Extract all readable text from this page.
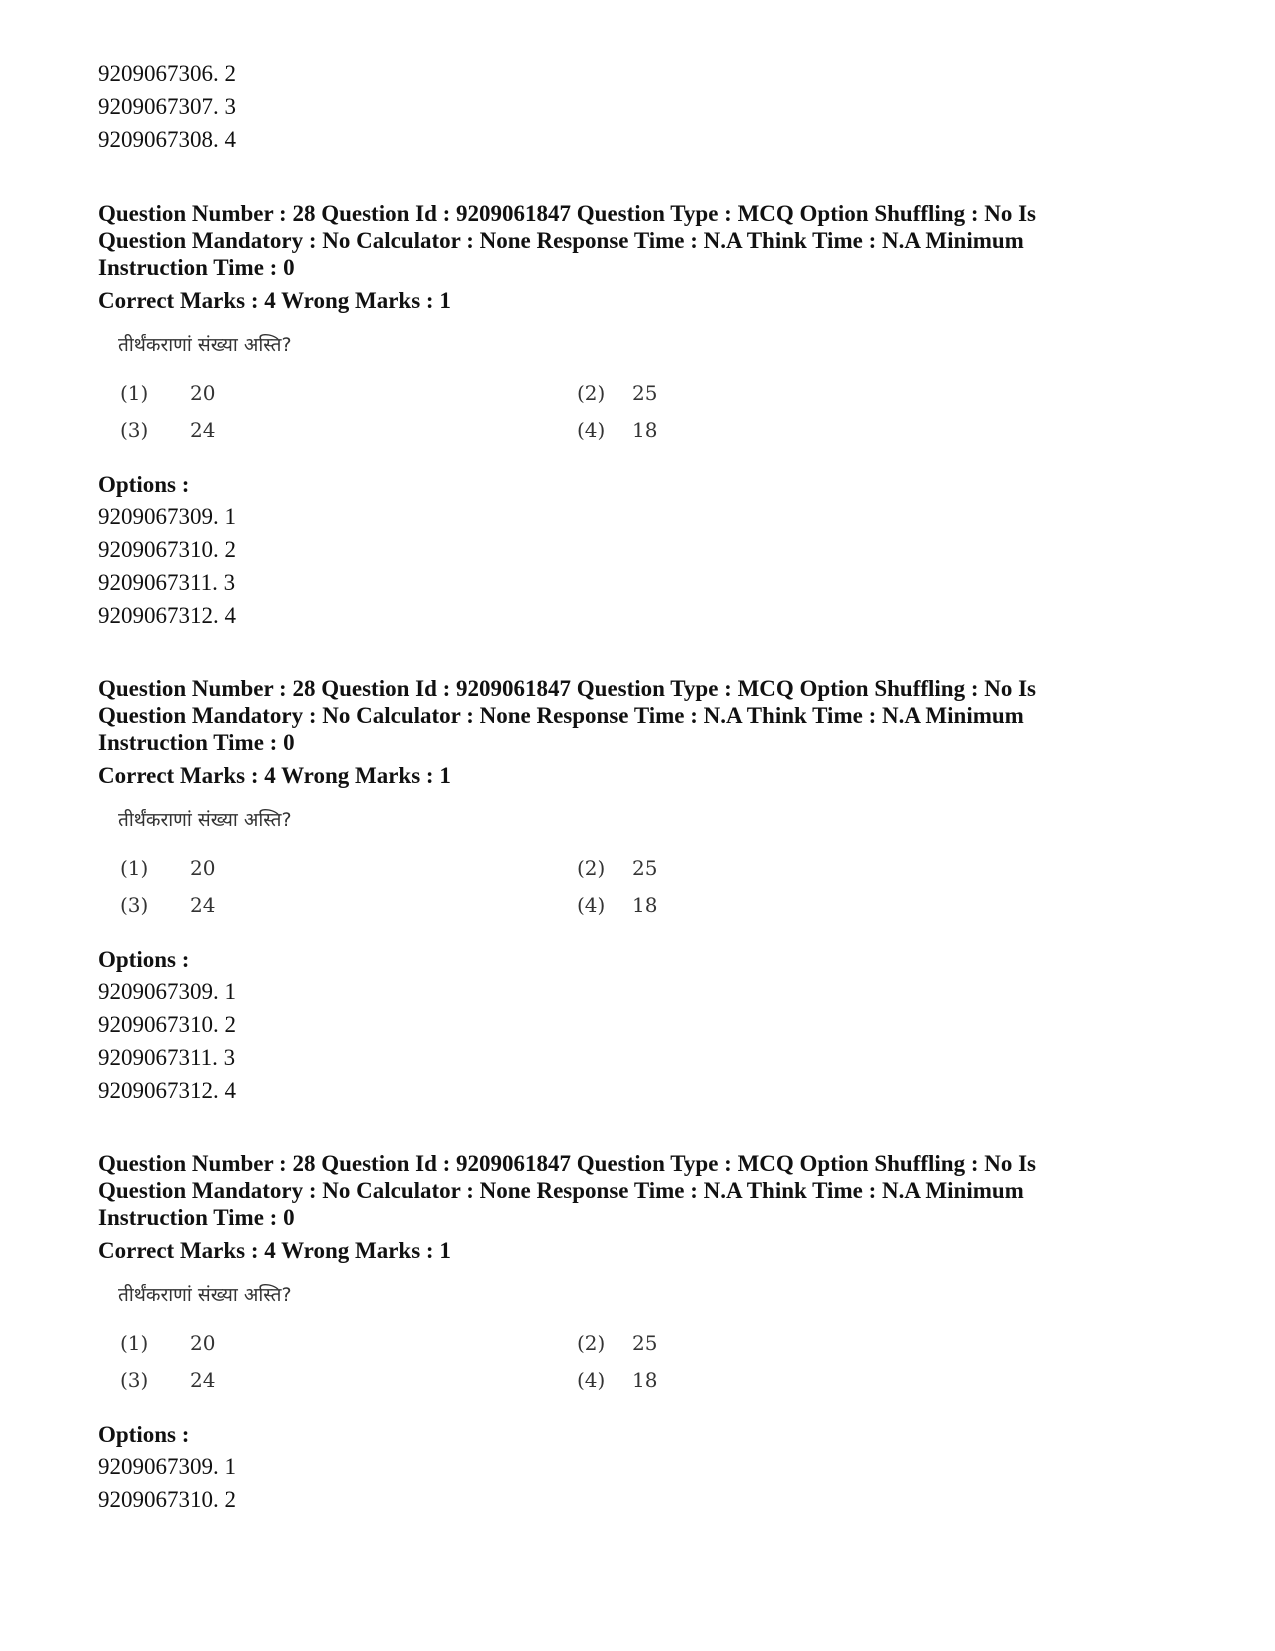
9209067306. 2
9209067307. 3
9209067308. 4
Question Number : 28 Question Id : 9209061847 Question Type : MCQ Option Shuffling : No Is
Question Mandatory : No Calculator : None Response Time : N.A Think Time : N.A Minimum
Instruction Time : 0
Correct Marks : 4 Wrong Marks : 1
तीर्थंकराणां संख्या अस्ति?
(1) 20	(2) 25
(3) 24	(4) 18
Options :
9209067309. 1
9209067310. 2
9209067311. 3
9209067312. 4
Question Number : 28 Question Id : 9209061847 Question Type : MCQ Option Shuffling : No Is
Question Mandatory : No Calculator : None Response Time : N.A Think Time : N.A Minimum
Instruction Time : 0
Correct Marks : 4 Wrong Marks : 1
तीर्थंकराणां संख्या अस्ति?
(1) 20	(2) 25
(3) 24	(4) 18
Options :
9209067309. 1
9209067310. 2
9209067311. 3
9209067312. 4
Question Number : 28 Question Id : 9209061847 Question Type : MCQ Option Shuffling : No Is
Question Mandatory : No Calculator : None Response Time : N.A Think Time : N.A Minimum
Instruction Time : 0
Correct Marks : 4 Wrong Marks : 1
तीर्थंकराणां संख्या अस्ति?
(1) 20	(2) 25
(3) 24	(4) 18
Options :
9209067309. 1
9209067310. 2
